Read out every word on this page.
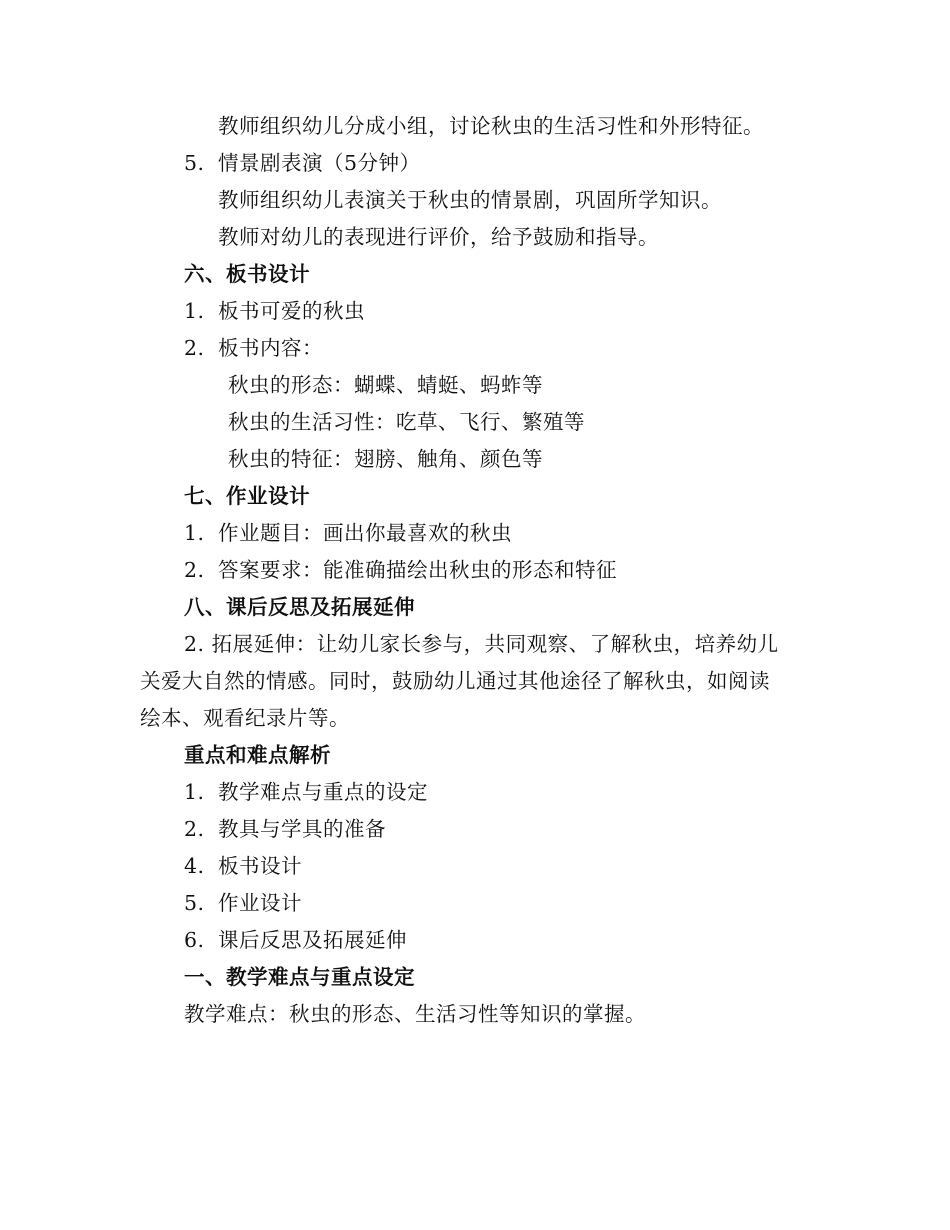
教师组织幼儿分成小组，讨论秋虫的生活习性和外形特征。
5. 情景剧表演（5分钟）
教师组织幼儿表演关于秋虫的情景剧，巩固所学知识。
教师对幼儿的表现进行评价，给予鼓励和指导。
六、板书设计
1. 板书可爱的秋虫
2. 板书内容：
秋虫的形态：蝴蝶、蜻蜓、蚂蚱等
秋虫的生活习性：吃草、飞行、繁殖等
秋虫的特征：翅膀、触角、颜色等
七、作业设计
1. 作业题目：画出你最喜欢的秋虫
2. 答案要求：能准确描绘出秋虫的形态和特征
八、课后反思及拓展延伸
2. 拓展延伸：让幼儿家长参与，共同观察、了解秋虫，培养幼儿
关爱大自然的情感。同时，鼓励幼儿通过其他途径了解秋虫，如阅读
绘本、观看纪录片等。
重点和难点解析
1. 教学难点与重点的设定
2. 教具与学具的准备
4. 板书设计
5. 作业设计
6. 课后反思及拓展延伸
一、教学难点与重点设定
教学难点：秋虫的形态、生活习性等知识的掌握。
